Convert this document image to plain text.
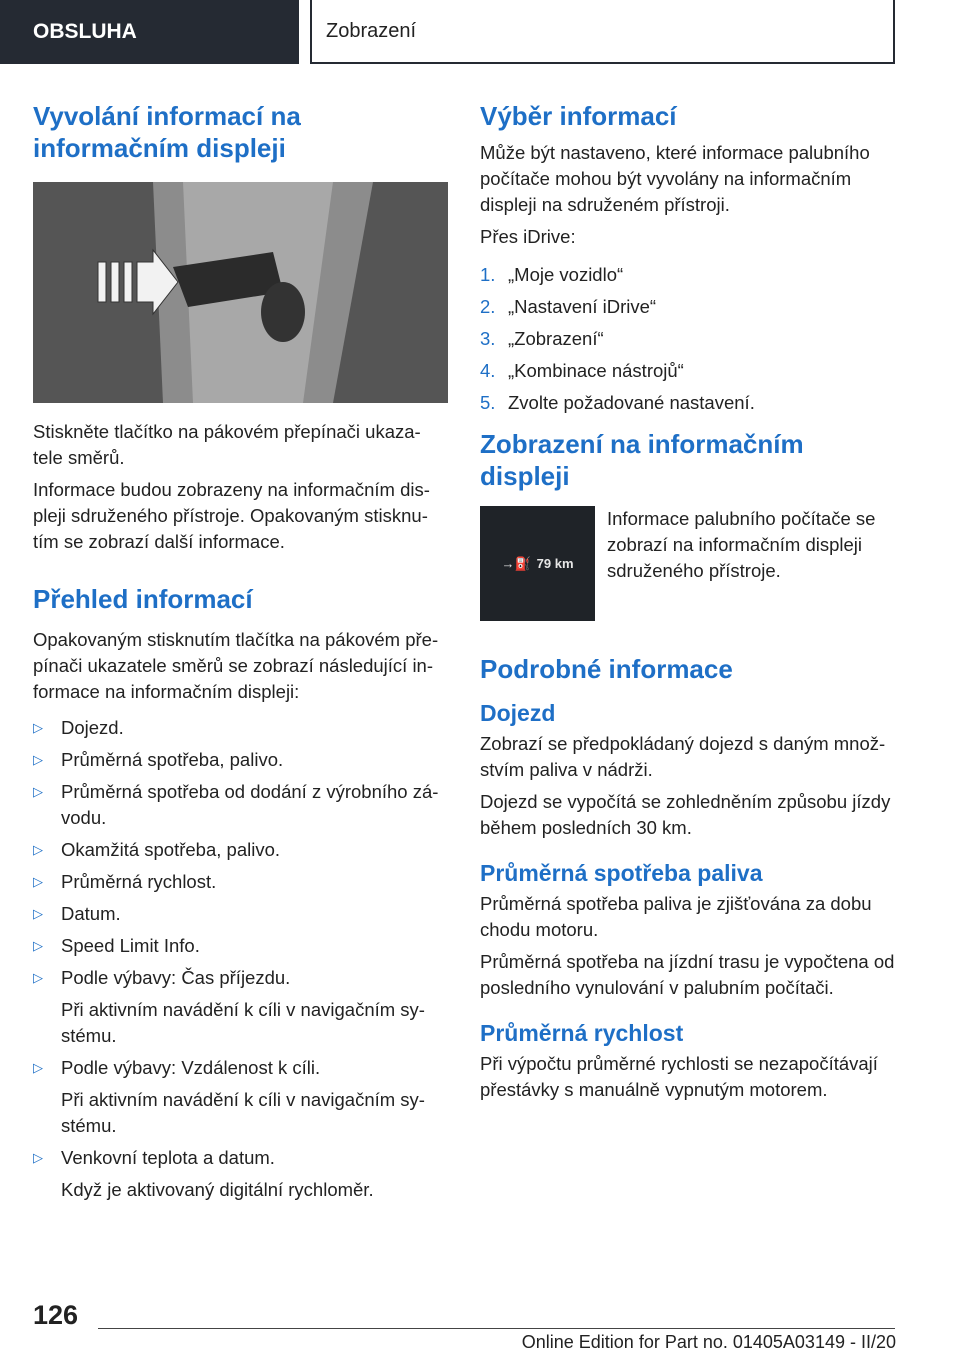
OBSLUHA	Zobrazení
Vyvolání informací na informačním displeji

Stiskněte tlačítko na pákovém přepínači ukaza-tele směrů.

Informace budou zobrazeny na informačním dis-pleji sdruženého přístroje. Opakovaným stisknu-tím se zobrazí další informace.

Přehled informací

Opakovaným stisknutím tlačítka na pákovém pře-pínači ukazatele směrů se zobrazí následující in-formace na informačním displeji:

▷ Dojezd.
▷ Průměrná spotřeba, palivo.
▷ Průměrná spotřeba od dodání z výrobního zá-vodu.
▷ Okamžitá spotřeba, palivo.
▷ Průměrná rychlost.
▷ Datum.
▷ Speed Limit Info.
▷ Podle výbavy: Čas příjezdu.
Při aktivním navádění k cíli v navigačním sy-stému.
▷ Podle výbavy: Vzdálenost k cíli.
Při aktivním navádění k cíli v navigačním sy-stému.
▷ Venkovní teplota a datum.
Když je aktivovaný digitální rychloměr.
Výběr informací

Může být nastaveno, které informace palubního počítače mohou být vyvolány na informačním displeji na sdruženém přístroji.

Přes iDrive:

1. „Moje vozidlo“
2. „Nastavení iDrive“
3. „Zobrazení“
4. „Kombinace nástrojů“
5. Zvolte požadované nastavení.
Zobrazení na informačním displeji
→⛽ 79 km

Informace palubního počítače se zobrazí na informačním displeji sdruženého přístroje.

Podrobné informace
Dojezd

Zobrazí se předpokládaný dojezd s daným množ-stvím paliva v nádrži.

Dojezd se vypočítá se zohledněním způsobu jízdy během posledních 30 km.

Průměrná spotřeba paliva

Průměrná spotřeba paliva je zjišťována za dobu chodu motoru.

Průměrná spotřeba na jízdní trasu je vypočtena od posledního vynulování v palubním počítači.

Průměrná rychlost

Při výpočtu průměrné rychlosti se nezapočítávají přestávky s manuálně vypnutým motorem.

126
Online Edition for Part no. 01405A03149 - II/20
